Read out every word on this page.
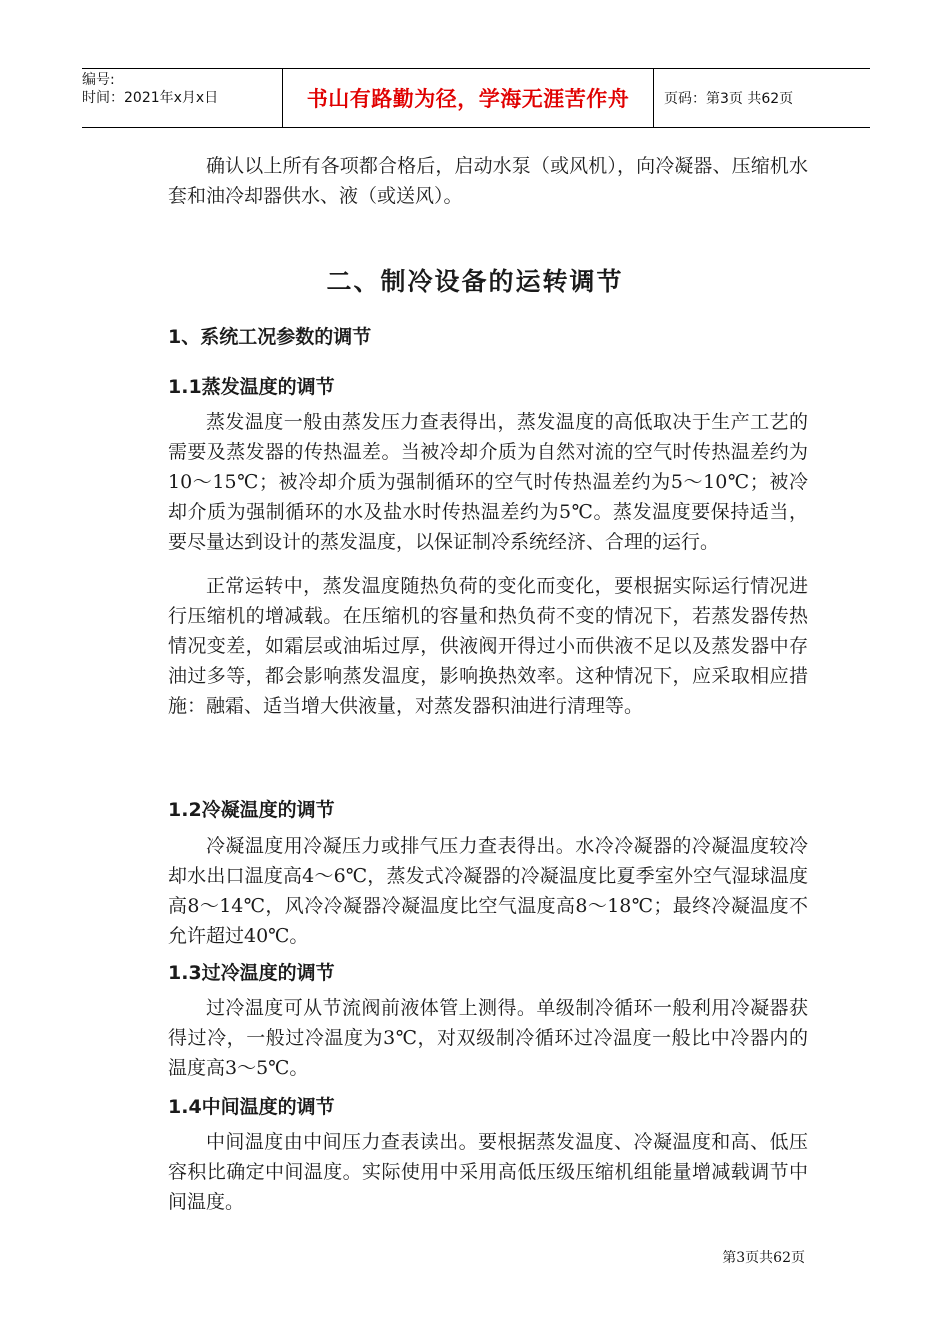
编号:
时间：2021年x月x日	书山有路勤为径，学海无涯苦作舟 页码：第3页 共62页

确认以上所有各项都合格后，启动水泵（或风机），向冷凝器、压缩机水套和油冷却器供水、液（或送风）。

二、制冷设备的运转调节
1、系统工况参数的调节
1.1蒸发温度的调节

蒸发温度一般由蒸发压力查表得出，蒸发温度的高低取决于生产工艺的需要及蒸发器的传热温差。当被冷却介质为自然对流的空气时传热温差约为10～15℃；被冷却介质为强制循环的空气时传热温差约为5～10℃；被冷却介质为强制循环的水及盐水时传热温差约为5℃。蒸发温度要保持适当，要尽量达到设计的蒸发温度，以保证制冷系统经济、合理的运行。

正常运转中，蒸发温度随热负荷的变化而变化，要根据实际运行情况进行压缩机的增减载。在压缩机的容量和热负荷不变的情况下，若蒸发器传热情况变差，如霜层或油垢过厚，供液阀开得过小而供液不足以及蒸发器中存油过多等，都会影响蒸发温度，影响换热效率。这种情况下，应采取相应措施：融霜、适当增大供液量，对蒸发器积油进行清理等。

1.2冷凝温度的调节

冷凝温度用冷凝压力或排气压力查表得出。水冷冷凝器的冷凝温度较冷却水出口温度高4～6℃，蒸发式冷凝器的冷凝温度比夏季室外空气湿球温度高8～14℃，风冷冷凝器冷凝温度比空气温度高8～18℃；最终冷凝温度不允许超过40℃。

1.3过冷温度的调节

过冷温度可从节流阀前液体管上测得。单级制冷循环一般利用冷凝器获得过冷，一般过冷温度为3℃，对双级制冷循环过冷温度一般比中冷器内的温度高3～5℃。

1.4中间温度的调节

中间温度由中间压力查表读出。要根据蒸发温度、冷凝温度和高、低压容积比确定中间温度。实际使用中采用高低压级压缩机组能量增减载调节中间温度。

第3页共62页
